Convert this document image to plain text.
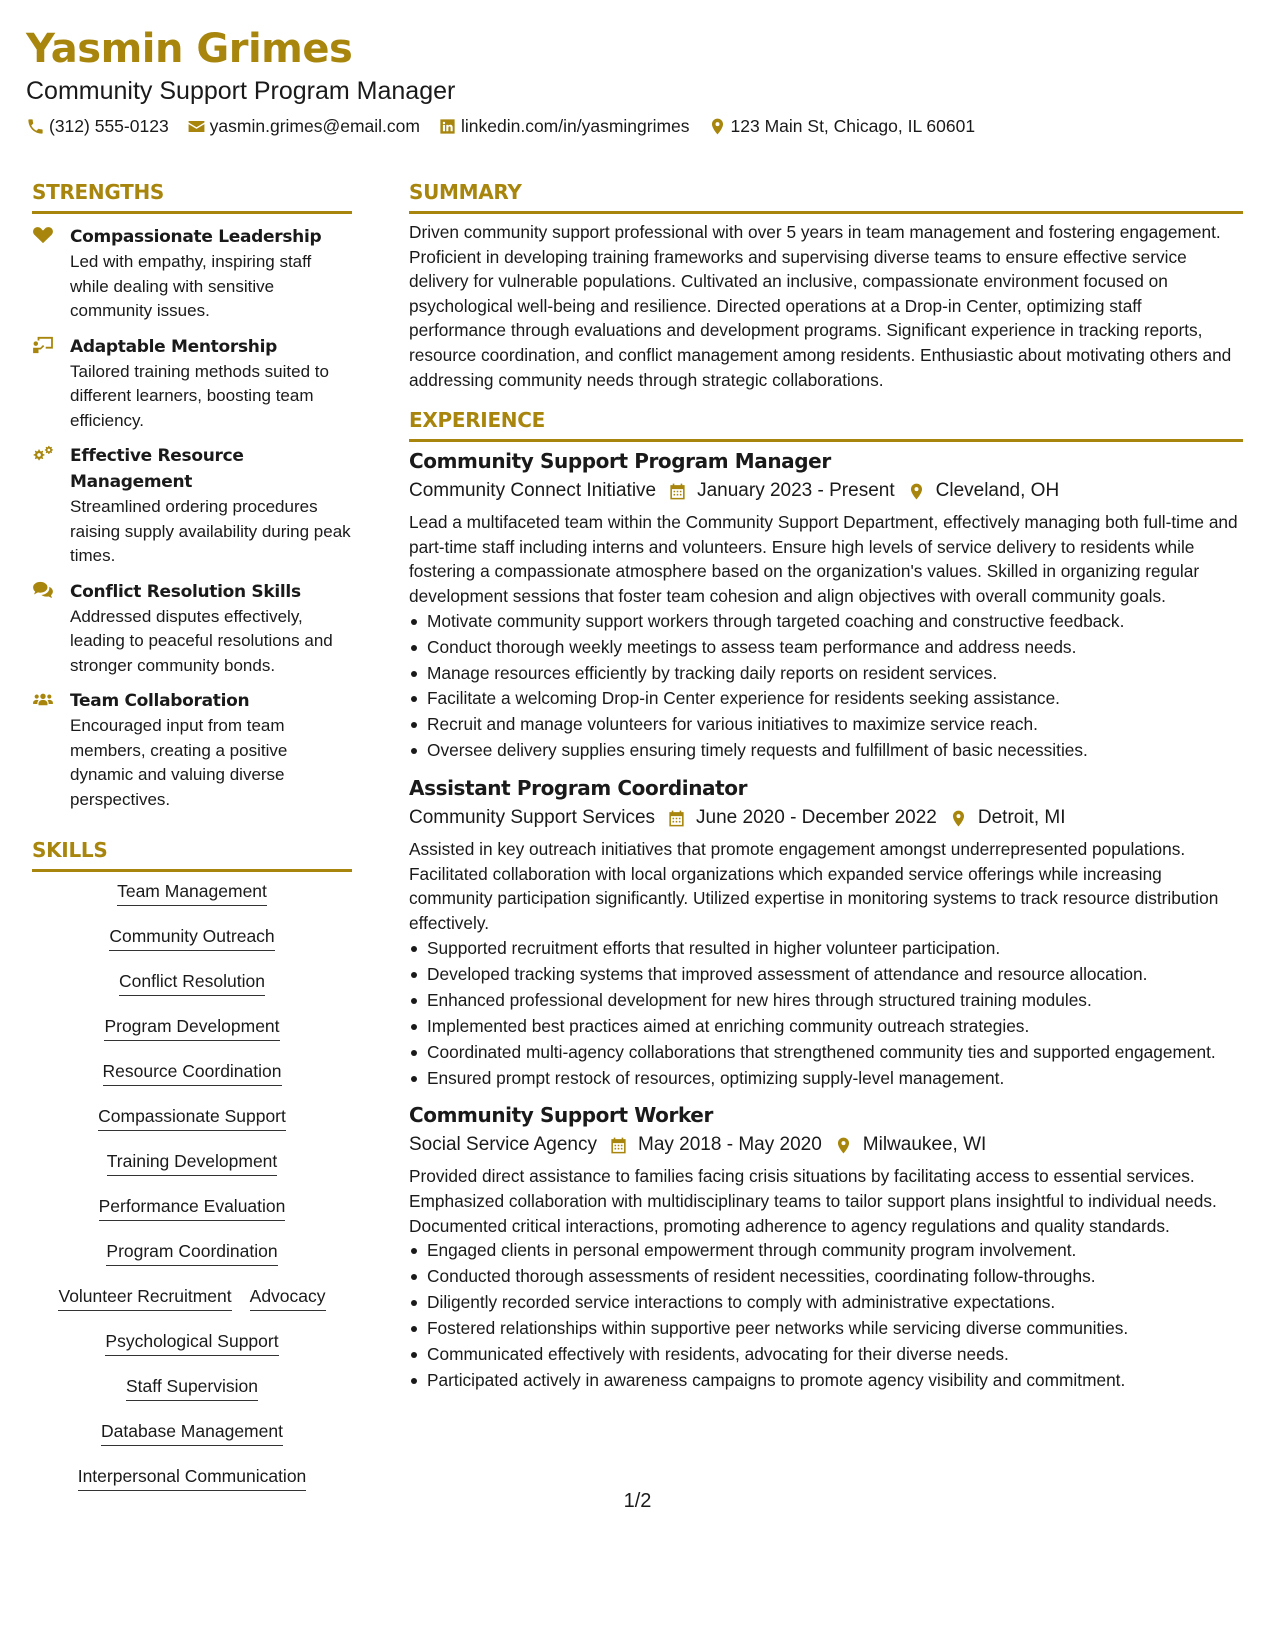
Yasmin Grimes
Community Support Program Manager
(312) 555-0123 yasmin.grimes@email.com linkedin.com/in/yasmingrimes 123 Main St, Chicago, IL 60601
STRENGTHS
Compassionate Leadership
Led with empathy, inspiring staff while dealing with sensitive community issues.
Adaptable Mentorship
Tailored training methods suited to different learners, boosting team efficiency.
Effective Resource Management
Streamlined ordering procedures raising supply availability during peak times.
Conflict Resolution Skills
Addressed disputes effectively, leading to peaceful resolutions and stronger community bonds.
Team Collaboration
Encouraged input from team members, creating a positive dynamic and valuing diverse perspectives.
SKILLS
Team Management
Community Outreach
Conflict Resolution
Program Development
Resource Coordination
Compassionate Support
Training Development
Performance Evaluation
Program Coordination
Volunteer Recruitment Advocacy
Psychological Support
Staff Supervision
Database Management
Interpersonal Communication
SUMMARY
Driven community support professional with over 5 years in team management and fostering engagement. Proficient in developing training frameworks and supervising diverse teams to ensure effective service delivery for vulnerable populations. Cultivated an inclusive, compassionate environment focused on psychological well-being and resilience. Directed operations at a Drop-in Center, optimizing staff performance through evaluations and development programs. Significant experience in tracking reports, resource coordination, and conflict management among residents. Enthusiastic about motivating others and addressing community needs through strategic collaborations.
EXPERIENCE
Community Support Program Manager
Community Connect Initiative January 2023 - Present Cleveland, OH
Lead a multifaceted team within the Community Support Department, effectively managing both full-time and part-time staff including interns and volunteers. Ensure high levels of service delivery to residents while fostering a compassionate atmosphere based on the organization's values. Skilled in organizing regular development sessions that foster team cohesion and align objectives with overall community goals.
Motivate community support workers through targeted coaching and constructive feedback.
Conduct thorough weekly meetings to assess team performance and address needs.
Manage resources efficiently by tracking daily reports on resident services.
Facilitate a welcoming Drop-in Center experience for residents seeking assistance.
Recruit and manage volunteers for various initiatives to maximize service reach.
Oversee delivery supplies ensuring timely requests and fulfillment of basic necessities.
Assistant Program Coordinator
Community Support Services June 2020 - December 2022 Detroit, MI
Assisted in key outreach initiatives that promote engagement amongst underrepresented populations. Facilitated collaboration with local organizations which expanded service offerings while increasing community participation significantly. Utilized expertise in monitoring systems to track resource distribution effectively.
Supported recruitment efforts that resulted in higher volunteer participation.
Developed tracking systems that improved assessment of attendance and resource allocation.
Enhanced professional development for new hires through structured training modules.
Implemented best practices aimed at enriching community outreach strategies.
Coordinated multi-agency collaborations that strengthened community ties and supported engagement.
Ensured prompt restock of resources, optimizing supply-level management.
Community Support Worker
Social Service Agency May 2018 - May 2020 Milwaukee, WI
Provided direct assistance to families facing crisis situations by facilitating access to essential services. Emphasized collaboration with multidisciplinary teams to tailor support plans insightful to individual needs. Documented critical interactions, promoting adherence to agency regulations and quality standards.
Engaged clients in personal empowerment through community program involvement.
Conducted thorough assessments of resident necessities, coordinating follow-throughs.
Diligently recorded service interactions to comply with administrative expectations.
Fostered relationships within supportive peer networks while servicing diverse communities.
Communicated effectively with residents, advocating for their diverse needs.
Participated actively in awareness campaigns to promote agency visibility and commitment.
1/2
